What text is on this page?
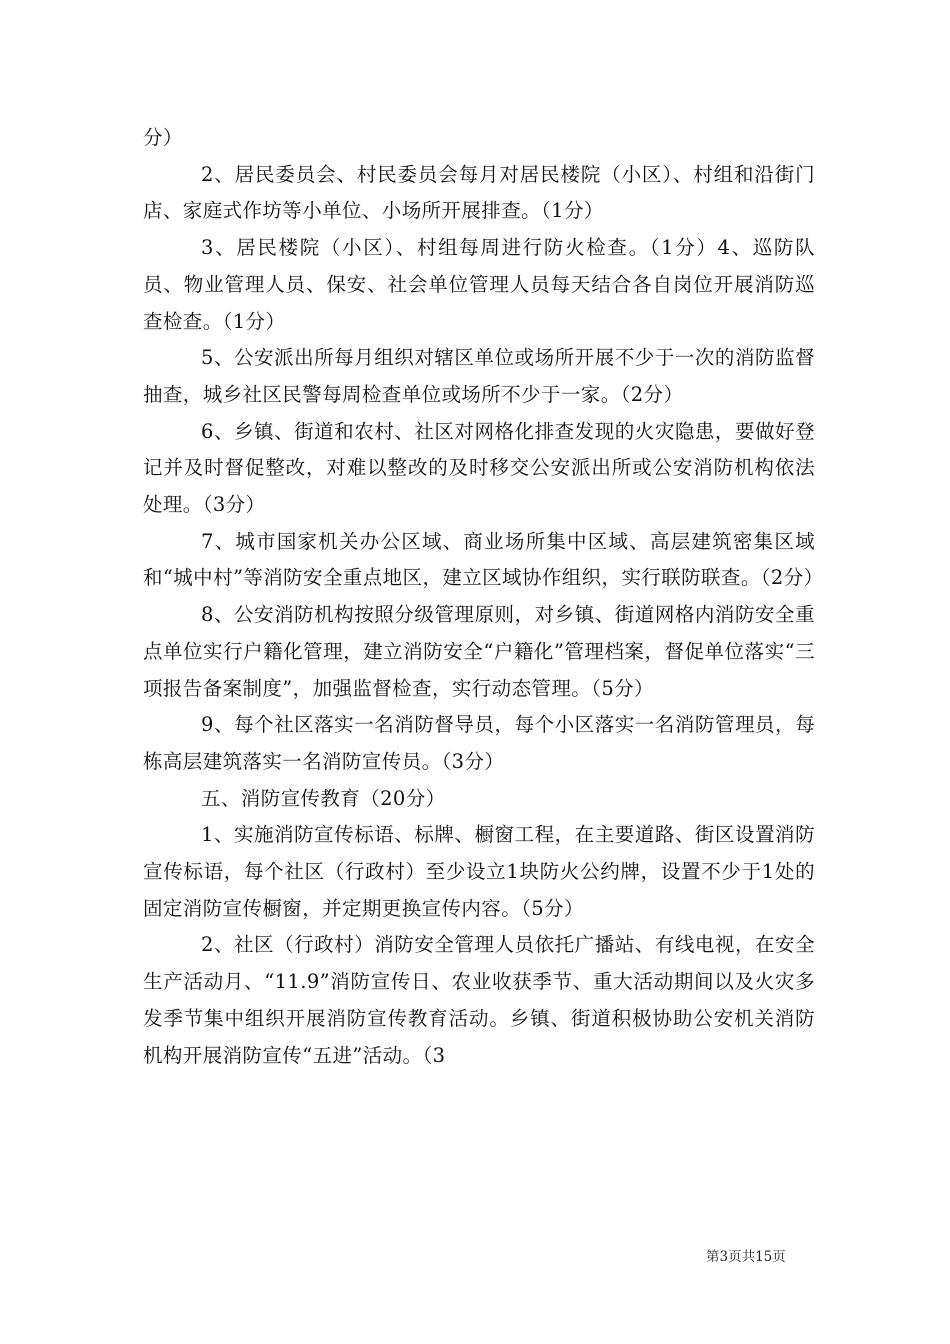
分）

2、居民委员会、村民委员会每月对居民楼院（小区）、村组和沿街门店、家庭式作坊等小单位、小场所开展排查。（1分）

3、居民楼院（小区）、村组每周进行防火检查。（1分）4、巡防队员、物业管理人员、保安、社会单位管理人员每天结合各自岗位开展消防巡查检查。（1分）

5、公安派出所每月组织对辖区单位或场所开展不少于一次的消防监督抽查，城乡社区民警每周检查单位或场所不少于一家。（2分）

6、乡镇、街道和农村、社区对网格化排查发现的火灾隐患，要做好登记并及时督促整改，对难以整改的及时移交公安派出所或公安消防机构依法处理。（3分）

7、城市国家机关办公区域、商业场所集中区域、高层建筑密集区域和“城中村”等消防安全重点地区，建立区域协作组织，实行联防联查。（2分）

8、公安消防机构按照分级管理原则，对乡镇、街道网格内消防安全重点单位实行户籍化管理，建立消防安全“户籍化”管理档案，督促单位落实“三项报告备案制度”，加强监督检查，实行动态管理。（5分）

9、每个社区落实一名消防督导员，每个小区落实一名消防管理员，每栋高层建筑落实一名消防宣传员。（3分）

五、消防宣传教育（20分）

1、实施消防宣传标语、标牌、橱窗工程，在主要道路、街区设置消防宣传标语，每个社区（行政村）至少设立1块防火公约牌，设置不少于1处的固定消防宣传橱窗，并定期更换宣传内容。（5分）

2、社区（行政村）消防安全管理人员依托广播站、有线电视，在安全生产活动月、“11.9”消防宣传日、农业收获季节、重大活动期间以及火灾多发季节集中组织开展消防宣传教育活动。乡镇、街道积极协助公安机关消防机构开展消防宣传“五进”活动。（3

第3页共15页
